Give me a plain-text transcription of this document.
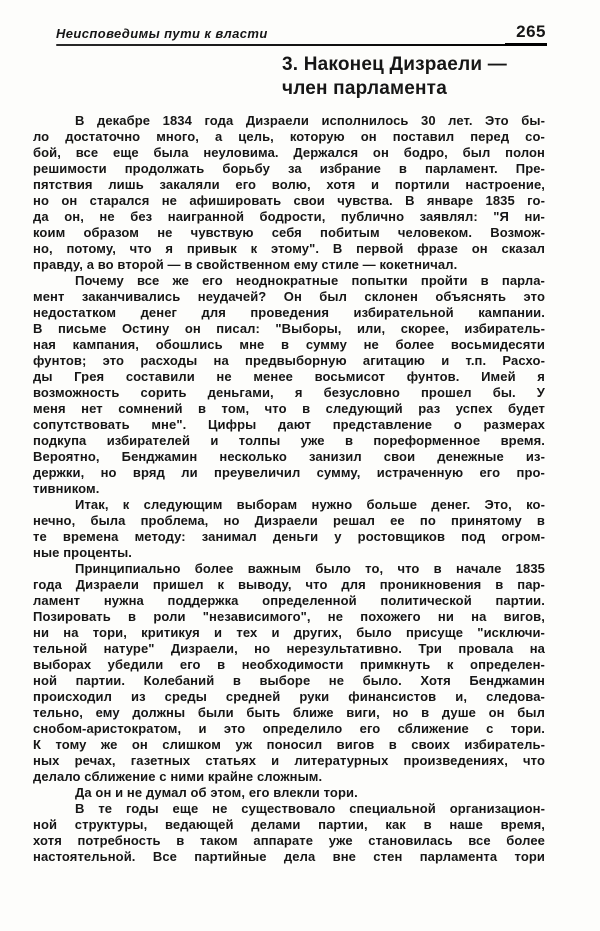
Неисповедимы пути к власти	265
3. Наконец Дизраели —
член парламента
В декабре 1834 года Дизраели исполнилось 30 лет. Это бы-
ло достаточно много, а цель, которую он поставил перед со-
бой, все еще была неуловима. Держался он бодро, был полон
решимости продолжать борьбу за избрание в парламент. Пре-
пятствия лишь закаляли его волю, хотя и портили настроение,
но он старался не афишировать свои чувства. В январе 1835 го-
да он, не без наигранной бодрости, публично заявлял: "Я ни-
коим образом не чувствую себя побитым человеком. Возмож-
но, потому, что я привык к этому". В первой фразе он сказал
правду, а во второй — в свойственном ему стиле — кокетничал.
Почему все же его неоднократные попытки пройти в парла-
мент заканчивались неудачей? Он был склонен объяснять это
недостатком денег для проведения избирательной кампании.
В письме Остину он писал: "Выборы, или, скорее, избиратель-
ная кампания, обошлись мне в сумму не более восьмидесяти
фунтов; это расходы на предвыборную агитацию и т.п. Расхо-
ды Грея составили не менее восьмисот фунтов. Имей я
возможность сорить деньгами, я безусловно прошел бы. У
меня нет сомнений в том, что в следующий раз успех будет
сопутствовать мне". Цифры дают представление о размерах
подкупа избирателей и толпы уже в пореформенное время.
Вероятно, Бенджамин несколько занизил свои денежные из-
держки, но вряд ли преувеличил сумму, истраченную его про-
тивником.
Итак, к следующим выборам нужно больше денег. Это, ко-
нечно, была проблема, но Дизраели решал ее по принятому в
те времена методу: занимал деньги у ростовщиков под огром-
ные проценты.
Принципиально более важным было то, что в начале 1835
года Дизраели пришел к выводу, что для проникновения в пар-
ламент нужна поддержка определенной политической партии.
Позировать в роли "независимого", не похожего ни на вигов,
ни на тори, критикуя и тех и других, было присуще "исключи-
тельной натуре" Дизраели, но нерезультативно. Три провала на
выборах убедили его в необходимости примкнуть к определен-
ной партии. Колебаний в выборе не было. Хотя Бенджамин
происходил из среды средней руки финансистов и, следова-
тельно, ему должны были быть ближе виги, но в душе он был
снобом-аристократом, и это определило его сближение с тори.
К тому же он слишком уж поносил вигов в своих избиратель-
ных речах, газетных статьях и литературных произведениях, что
делало сближение с ними крайне сложным.
Да он и не думал об этом, его влекли тори.
В те годы еще не существовало специальной организацион-
ной структуры, ведающей делами партии, как в наше время,
хотя потребность в таком аппарате уже становилась все более
настоятельной. Все партийные дела вне стен парламента тори
